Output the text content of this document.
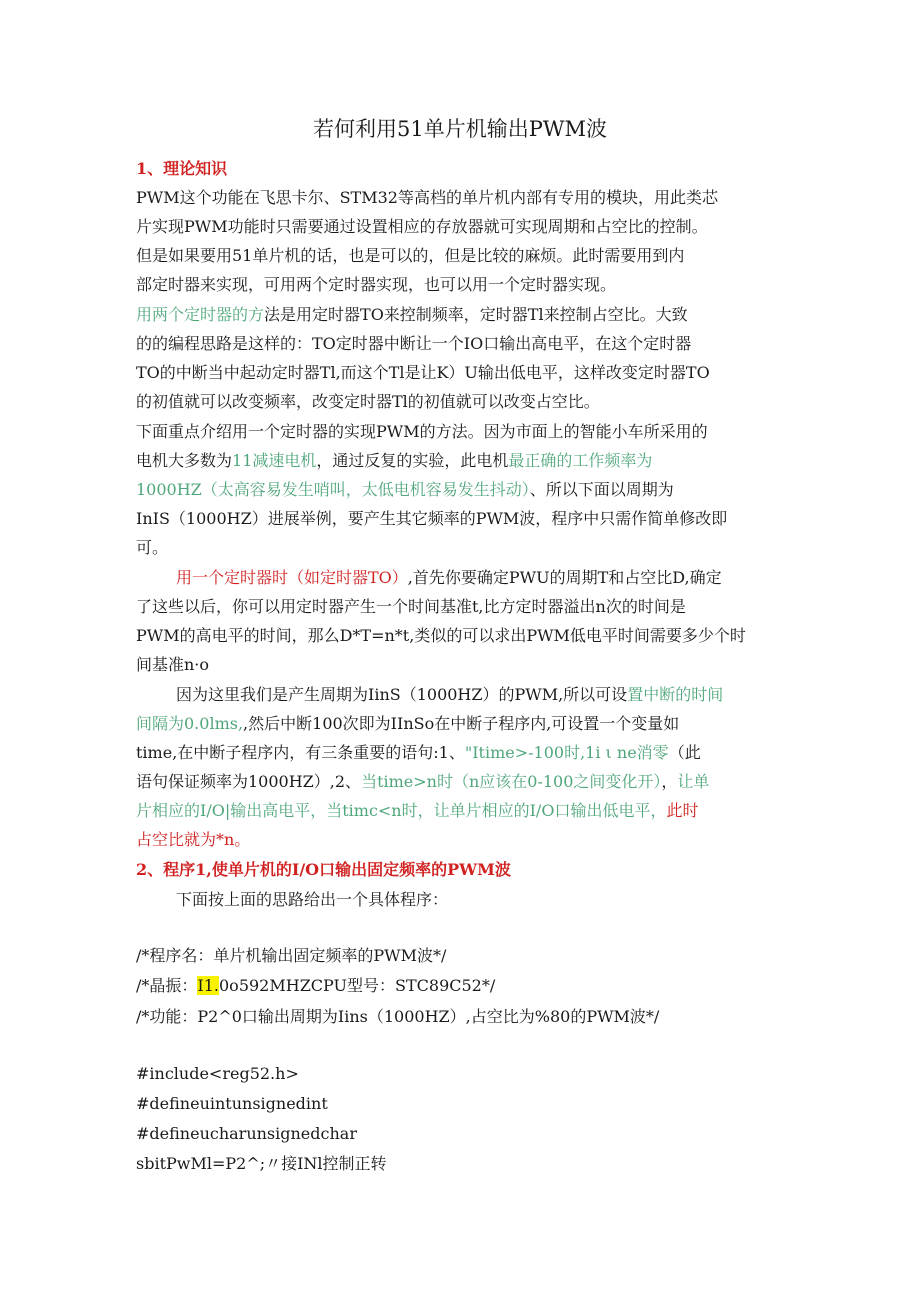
若何利用51单片机输出PWM波
1、理论知识
PWM这个功能在飞思卡尔、STM32等高档的单片机内部有专用的模块，用此类芯
片实现PWM功能时只需要通过设置相应的存放器就可实现周期和占空比的控制。
但是如果要用51单片机的话，也是可以的，但是比较的麻烦。此时需要用到内
部定时器来实现，可用两个定时器实现，也可以用一个定时器实现。
用两个定时器的方法是用定时器TO来控制频率，定时器Tl来控制占空比。大致
的的编程思路是这样的：TO定时器中断让一个IO口输出高电平，在这个定时器
TO的中断当中起动定时器Tl,而这个Tl是让K）U输出低电平，这样改变定时器TO
的初值就可以改变频率，改变定时器Tl的初值就可以改变占空比。
下面重点介绍用一个定时器的实现PWM的方法。因为市面上的智能小车所采用的
电机大多数为11减速电机，通过反复的实验，此电机最正确的工作频率为
1000HZ（太高容易发生哨叫，太低电机容易发生抖动）、所以下面以周期为
InIS（1000HZ）进展举例，要产生其它频率的PWM波，程序中只需作简单修改即
可。
用一个定时器时（如定时器TO）,首先你要确定PWU的周期T和占空比D,确定
了这些以后，你可以用定时器产生一个时间基准t,比方定时器溢出n次的时间是
PWM的高电平的时间，那么D*T=n*t,类似的可以求出PWM低电平时间需要多少个时
间基准n·o
因为这里我们是产生周期为IinS（1000HZ）的PWM,所以可设置中断的时间
间隔为0.0lms,,然后中断100次即为IInSo在中断子程序内,可设置一个变量如
time,在中断子程序内，有三条重要的语句:1、"Itime>-100时,1i ι ne消零（此
语句保证频率为1000HZ）,2、当time>n时（n应该在0-100之间变化开），让单
片相应的I/O|输出高电平，当timc<n时，让单片相应的I/O口输出低电平，此时
占空比就为*n。
2、程序1,使单片机的I/O口输出固定频率的PWM波
下面按上面的思路给出一个具体程序：
/*程序名：单片机输出固定频率的PWM波*/
/*晶振：I1.0o592MHZCPU型号：STC89C52*/
/*功能：P2^0口输出周期为Iins（1000HZ）,占空比为%80的PWM波*/
#include<reg52.h>
#defineuintunsignedint
#defineucharunsignedchar
sbitPwMl=P2^;〃接INl控制正转
